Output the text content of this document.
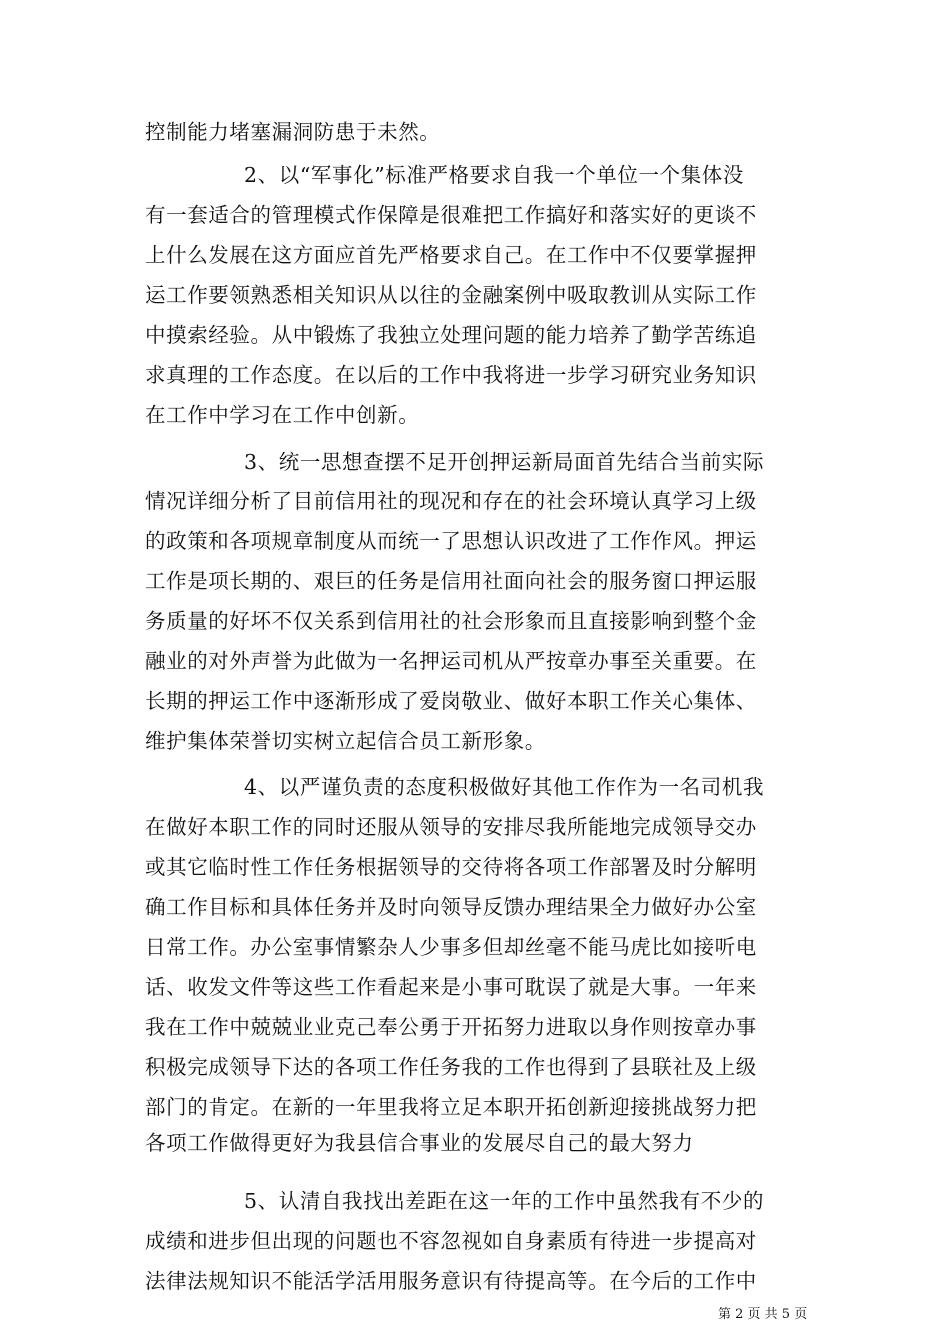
控制能力堵塞漏洞防患于未然。
2、以“军事化”标准严格要求自我一个单位一个集体没
有一套适合的管理模式作保障是很难把工作搞好和落实好的更谈不
上什么发展在这方面应首先严格要求自己。在工作中不仅要掌握押
运工作要领熟悉相关知识从以往的金融案例中吸取教训从实际工作
中摸索经验。从中锻炼了我独立处理问题的能力培养了勤学苦练追
求真理的工作态度。在以后的工作中我将进一步学习研究业务知识
在工作中学习在工作中创新。
3、统一思想查摆不足开创押运新局面首先结合当前实际
情况详细分析了目前信用社的现况和存在的社会环境认真学习上级
的政策和各项规章制度从而统一了思想认识改进了工作作风。押运
工作是项长期的、艰巨的任务是信用社面向社会的服务窗口押运服
务质量的好坏不仅关系到信用社的社会形象而且直接影响到整个金
融业的对外声誉为此做为一名押运司机从严按章办事至关重要。在
长期的押运工作中逐渐形成了爱岗敬业、做好本职工作关心集体、
维护集体荣誉切实树立起信合员工新形象。
4、以严谨负责的态度积极做好其他工作作为一名司机我
在做好本职工作的同时还服从领导的安排尽我所能地完成领导交办
或其它临时性工作任务根据领导的交待将各项工作部署及时分解明
确工作目标和具体任务并及时向领导反馈办理结果全力做好办公室
日常工作。办公室事情繁杂人少事多但却丝毫不能马虎比如接听电
话、收发文件等这些工作看起来是小事可耽误了就是大事。一年来
我在工作中兢兢业业克己奉公勇于开拓努力进取以身作则按章办事
积极完成领导下达的各项工作任务我的工作也得到了县联社及上级
部门的肯定。在新的一年里我将立足本职开拓创新迎接挑战努力把
各项工作做得更好为我县信合事业的发展尽自己的最大努力
5、认清自我找出差距在这一年的工作中虽然我有不少的
成绩和进步但出现的问题也不容忽视如自身素质有待进一步提高对
法律法规知识不能活学活用服务意识有待提高等。在今后的工作中
第 2 页 共 5 页
